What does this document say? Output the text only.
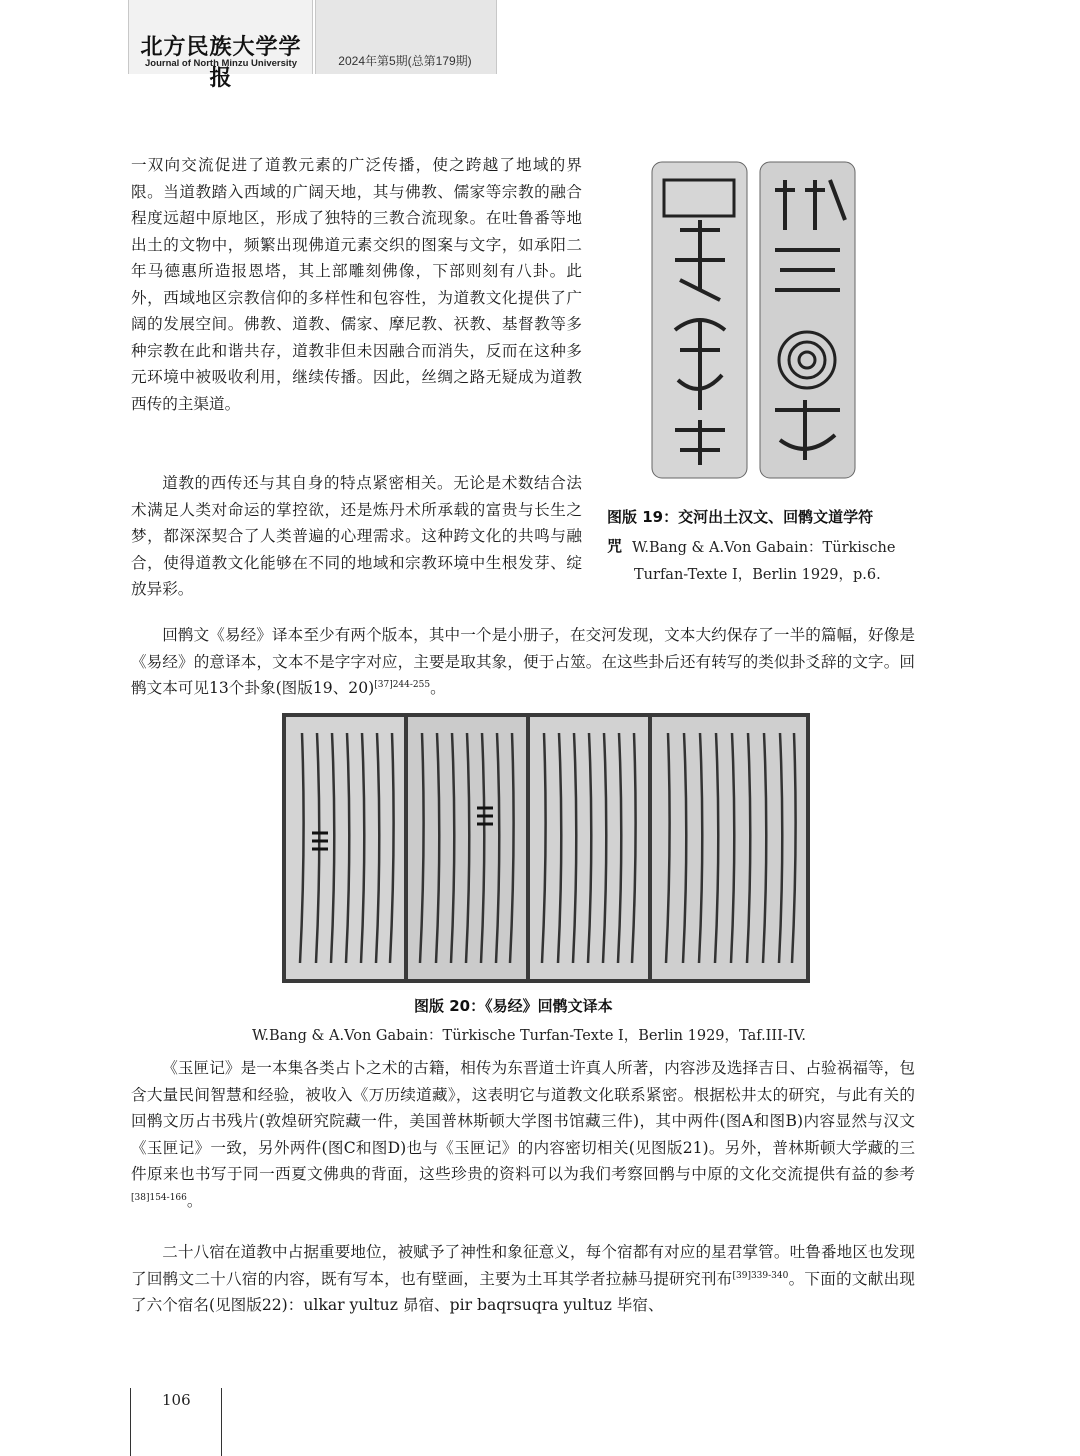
北方民族大学学报
Journal of North Minzu University	2024年第5期(总第179期)

一双向交流促进了道教元素的广泛传播，使之跨越了地域的界限。当道教踏入西域的广阔天地，其与佛教、儒家等宗教的融合程度远超中原地区，形成了独特的三教合流现象。在吐鲁番等地出土的文物中，频繁出现佛道元素交织的图案与文字，如承阳二年马德惠所造报恩塔，其上部雕刻佛像，下部则刻有八卦。此外，西域地区宗教信仰的多样性和包容性，为道教文化提供了广阔的发展空间。佛教、道教、儒家、摩尼教、祆教、基督教等多种宗教在此和谐共存，道教非但未因融合而消失，反而在这种多元环境中被吸收利用，继续传播。因此，丝绸之路无疑成为道教西传的主渠道。

道教的西传还与其自身的特点紧密相关。无论是术数结合法术满足人类对命运的掌控欲，还是炼丹术所承载的富贵与长生之梦，都深深契合了人类普遍的心理需求。这种跨文化的共鸣与融合，使得道教文化能够在不同的地域和宗教环境中生根发芽、绽放异彩。

图版 19：交河出土汉文、回鹘文道学符
咒 W.Bang & A.Von Gabain：Türkische
Turfan-Texte I，Berlin 1929，p.6.

回鹘文《易经》译本至少有两个版本，其中一个是小册子，在交河发现，文本大约保存了一半的篇幅，好像是《易经》的意译本，文本不是字字对应，主要是取其象，便于占筮。在这些卦后还有转写的类似卦爻辞的文字。回鹘文本可见13个卦象(图版19、20)$^{[37]244-255}$。

图版 20：《易经》回鹘文译本
W.Bang & A.Von Gabain：Türkische Turfan-Texte I，Berlin 1929，Taf.III-IV.

《玉匣记》是一本集各类占卜之术的古籍，相传为东晋道士许真人所著，内容涉及选择吉日、占验祸福等，包含大量民间智慧和经验，被收入《万历续道藏》，这表明它与道教文化联系紧密。根据松井太的研究，与此有关的回鹘文历占书残片(敦煌研究院藏一件，美国普林斯顿大学图书馆藏三件)，其中两件(图A和图B)内容显然与汉文《玉匣记》一致，另外两件(图C和图D)也与《玉匣记》的内容密切相关(见图版21)。另外，普林斯顿大学藏的三件原来也书写于同一西夏文佛典的背面，这些珍贵的资料可以为我们考察回鹘与中原的文化交流提供有益的参考$^{[38]154-166}$。

二十八宿在道教中占据重要地位，被赋予了神性和象征意义，每个宿都有对应的星君掌管。吐鲁番地区也发现了回鹘文二十八宿的内容，既有写本，也有壁画，主要为土耳其学者拉赫马提研究刊布$^{[39]339-340}$。下面的文献出现了六个宿名(见图版22)：ulkar yultuz 昴宿、pir baqrsuqra yultuz 毕宿、

106
